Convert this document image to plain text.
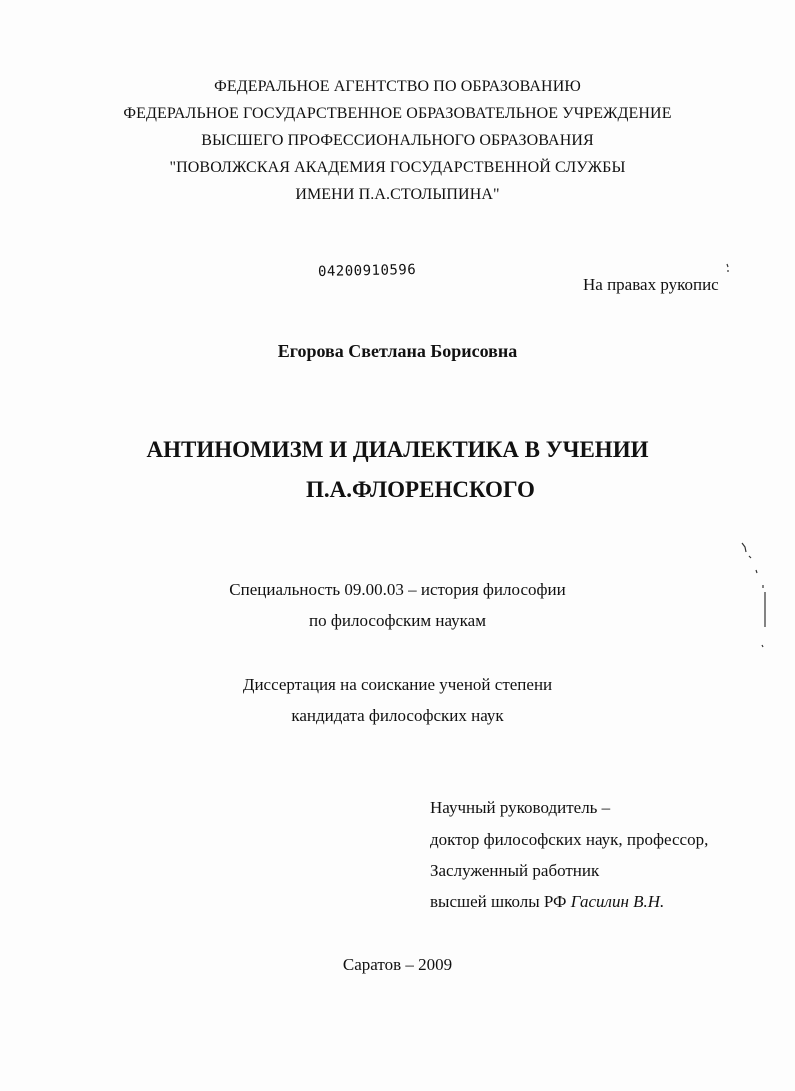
ФЕДЕРАЛЬНОЕ АГЕНТСТВО ПО ОБРАЗОВАНИЮ
ФЕДЕРАЛЬНОЕ ГОСУДАРСТВЕННОЕ ОБРАЗОВАТЕЛЬНОЕ УЧРЕЖДЕНИЕ
ВЫСШЕГО ПРОФЕССИОНАЛЬНОГО ОБРАЗОВАНИЯ
"ПОВОЛЖСКАЯ АКАДЕМИЯ ГОСУДАРСТВЕННОЙ СЛУЖБЫ
ИМЕНИ П.А.СТОЛЫПИНА"
04200910596
На правах рукопис
Егорова Светлана Борисовна
АНТИНОМИЗМ И ДИАЛЕКТИКА В УЧЕНИИ
П.А.ФЛОРЕНСКОГО
Специальность 09.00.03 – история философии
по философским наукам
Диссертация на соискание ученой степени
кандидата философских наук
Научный руководитель –
доктор философских наук, профессор,
Заслуженный работник
высшей школы РФ Гасилин В.Н.
Саратов – 2009
